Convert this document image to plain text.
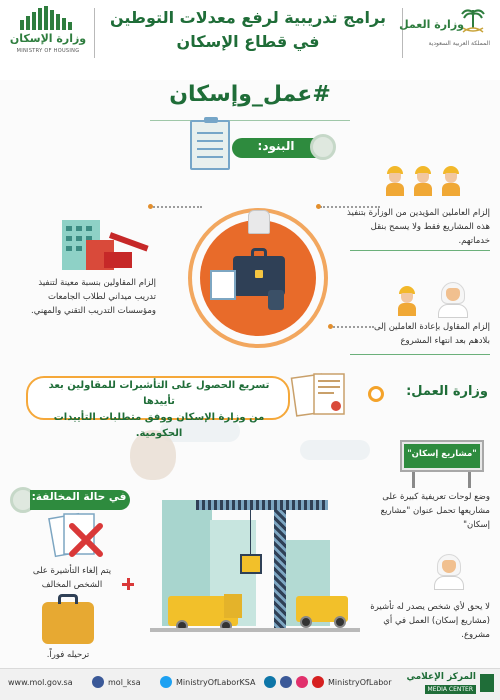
وزارة الإسكان
MINISTRY OF HOUSING
برامج تدريبية لرفع معدلات التوطين
في قطاع الإسكان
وزارة العمل
المملكة العربية السعودية
#عمل_وإسكان
البنود:
إلزام العاملين المؤيدين من الوزارة بتنفيذ هذه المشاريع فقط ولا يسمح بنقل خدماتهم.
إلزام المقاول بإعادة العاملين إلى بلادهم بعد انتهاء المشروع
إلزام المقاولين بنسبة معينة لتنفيذ تدريب ميداني لطلاب الجامعات ومؤسسات التدريب التقني والمهني.
وزارة العمل:
تسريع الحصول على التأشيرات للمقاولين بعد تأييدها
من وزارة الإسكان ووفق متطلبات التأييدات الحكومية.
"مشاريع إسكان"
وضع لوحات تعريفية كبيرة على مشاريعها تحمل عنوان "مشاريع إسكان"
لا يحق لأي شخص يصدر له تأشيرة (مشاريع إسكان) العمل في أي مشروع.
في حالة المخالفة:
يتم إلغاء التأشيرة على الشخص المخالف
ترحيله فوراً.
www.mol.gov.sa	mol_ksa	MinistryOfLaborKSA	MinistryOfLabor
المركز الإعلامي
MEDIA CENTER
